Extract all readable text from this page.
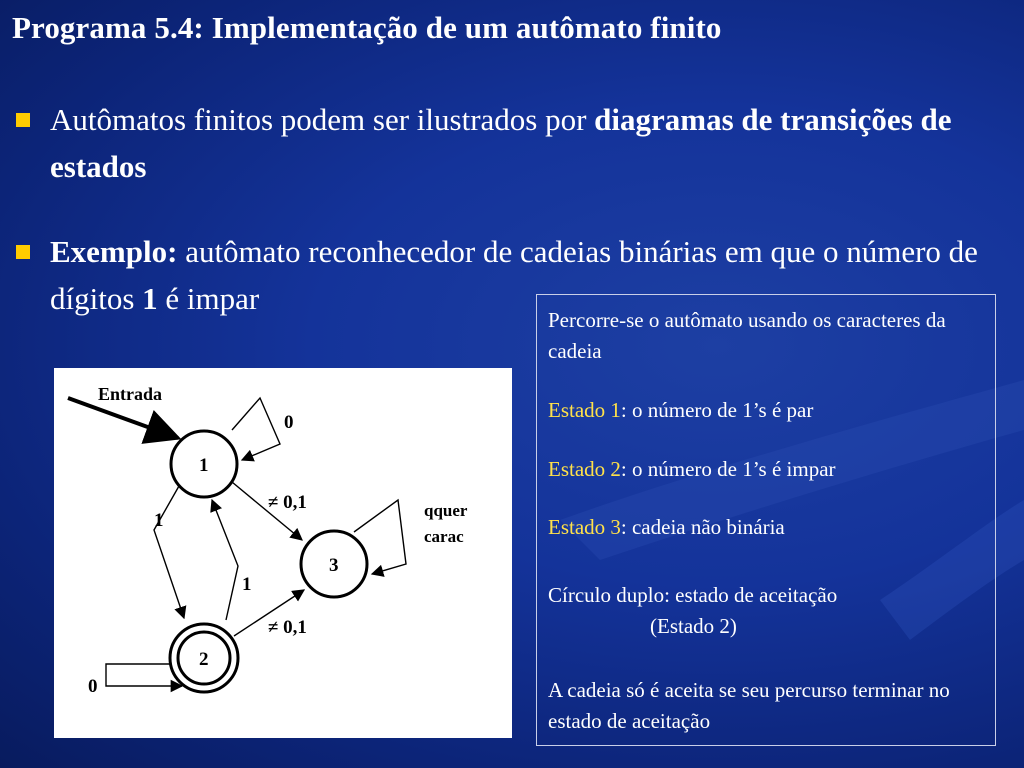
Programa 5.4: Implementação de um autômato finito
Autômatos finitos podem ser ilustrados por diagramas de transições de estados
Exemplo: autômato reconhecedor de cadeias binárias em que o número de dígitos 1 é impar
Entrada
0
1
1
1
≠ 0,1
≠ 0,1
qquer
carac
3
0
2
Percorre-se o autômato usando os caracteres da cadeia
Estado 1: o número de 1’s é par
Estado 2: o número de 1’s é impar
Estado 3: cadeia não binária
Círculo duplo: estado de aceitação
(Estado 2)
A cadeia só é aceita se seu percurso terminar no estado de aceitação
